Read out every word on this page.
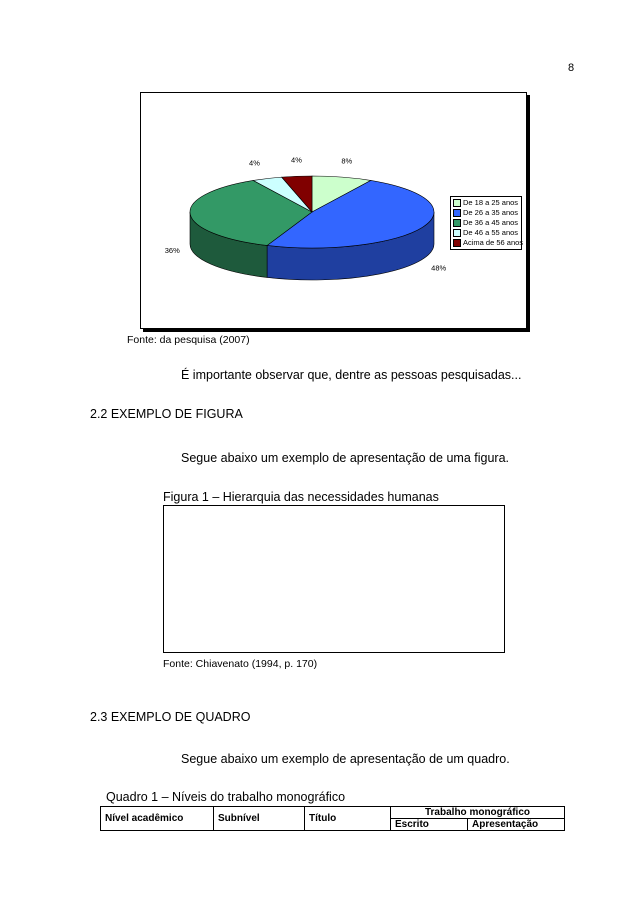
8
8%
48%
36%
4%	4%
De 18 a 25 anos
De 26 a 35 anos
De 36 a 45 anos
De 46 a 55 anos
Acima de 56 anos
Fonte: da pesquisa (2007)
É importante observar que, dentre as pessoas pesquisadas...
2.2 EXEMPLO DE FIGURA
Segue abaixo um exemplo de apresentação de uma figura.
Figura 1 – Hierarquia das necessidades humanas
Fonte: Chiavenato (1994, p. 170)
2.3 EXEMPLO DE QUADRO
Segue abaixo um exemplo de apresentação de um quadro.
Quadro 1 – Níveis do trabalho monográfico
Nível acadêmico	Subnível	Título	Trabalho monográfico	
			Escrito	Apresentação
